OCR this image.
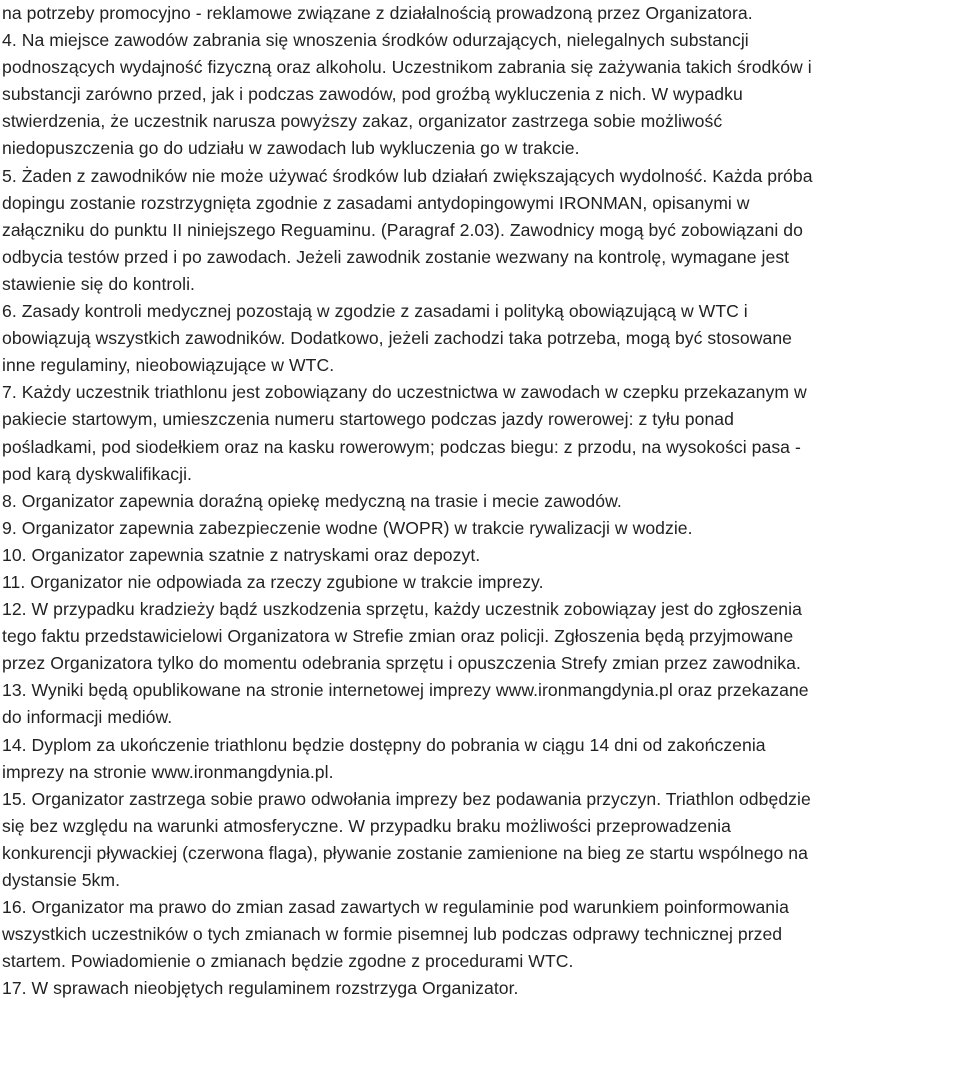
na potrzeby promocyjno - reklamowe związane z działalnością prowadzoną przez Organizatora.
4. Na miejsce zawodów zabrania się wnoszenia środków odurzających, nielegalnych substancji
podnoszących wydajność fizyczną oraz alkoholu. Uczestnikom zabrania się zażywania takich środków i
substancji zarówno przed, jak i podczas zawodów, pod groźbą wykluczenia z nich. W wypadku
stwierdzenia, że uczestnik narusza powyższy zakaz, organizator zastrzega sobie możliwość
niedopuszczenia go do udziału w zawodach lub wykluczenia go w trakcie.
5. Żaden z zawodników nie może używać środków lub działań zwiększających wydolność. Każda próba
dopingu zostanie rozstrzygnięta zgodnie z zasadami antydopingowymi IRONMAN, opisanymi w
załączniku do punktu II niniejszego Reguaminu. (Paragraf 2.03). Zawodnicy mogą być zobowiązani do
odbycia testów przed i po zawodach. Jeżeli zawodnik zostanie wezwany na kontrolę, wymagane jest
stawienie się do kontroli.
6. Zasady kontroli medycznej pozostają w zgodzie z zasadami i polityką obowiązującą w WTC i
obowiązują wszystkich zawodników. Dodatkowo, jeżeli zachodzi taka potrzeba, mogą być stosowane
inne regulaminy, nieobowiązujące w WTC.
7. Każdy uczestnik triathlonu jest zobowiązany do uczestnictwa w zawodach w czepku przekazanym w
pakiecie startowym, umieszczenia numeru startowego podczas jazdy rowerowej: z tyłu ponad
pośladkami, pod siodełkiem oraz na kasku rowerowym; podczas biegu: z przodu, na wysokości pasa -
pod karą dyskwalifikacji.
8. Organizator zapewnia doraźną opiekę medyczną na trasie i mecie zawodów.
9. Organizator zapewnia zabezpieczenie wodne (WOPR) w trakcie rywalizacji w wodzie.
10. Organizator zapewnia szatnie z natryskami oraz depozyt.
11. Organizator nie odpowiada za rzeczy zgubione w trakcie imprezy.
12. W przypadku kradzieży bądź uszkodzenia sprzętu, każdy uczestnik zobowiązay jest do zgłoszenia
tego faktu przedstawicielowi Organizatora w Strefie zmian oraz policji. Zgłoszenia będą przyjmowane
przez Organizatora tylko do momentu odebrania sprzętu i opuszczenia Strefy zmian przez zawodnika.
13. Wyniki będą opublikowane na stronie internetowej imprezy www.ironmangdynia.pl oraz przekazane
do informacji mediów.
14. Dyplom za ukończenie triathlonu będzie dostępny do pobrania w ciągu 14 dni od zakończenia
imprezy na stronie www.ironmangdynia.pl.
15. Organizator zastrzega sobie prawo odwołania imprezy bez podawania przyczyn. Triathlon odbędzie
się bez względu na warunki atmosferyczne. W przypadku braku możliwości przeprowadzenia
konkurencji pływackiej (czerwona flaga), pływanie zostanie zamienione na bieg ze startu wspólnego na
dystansie 5km.
16. Organizator ma prawo do zmian zasad zawartych w regulaminie pod warunkiem poinformowania
wszystkich uczestników o tych zmianach w formie pisemnej lub podczas odprawy technicznej przed
startem. Powiadomienie o zmianach będzie zgodne z procedurami WTC.
17. W sprawach nieobjętych regulaminem rozstrzyga Organizator.
